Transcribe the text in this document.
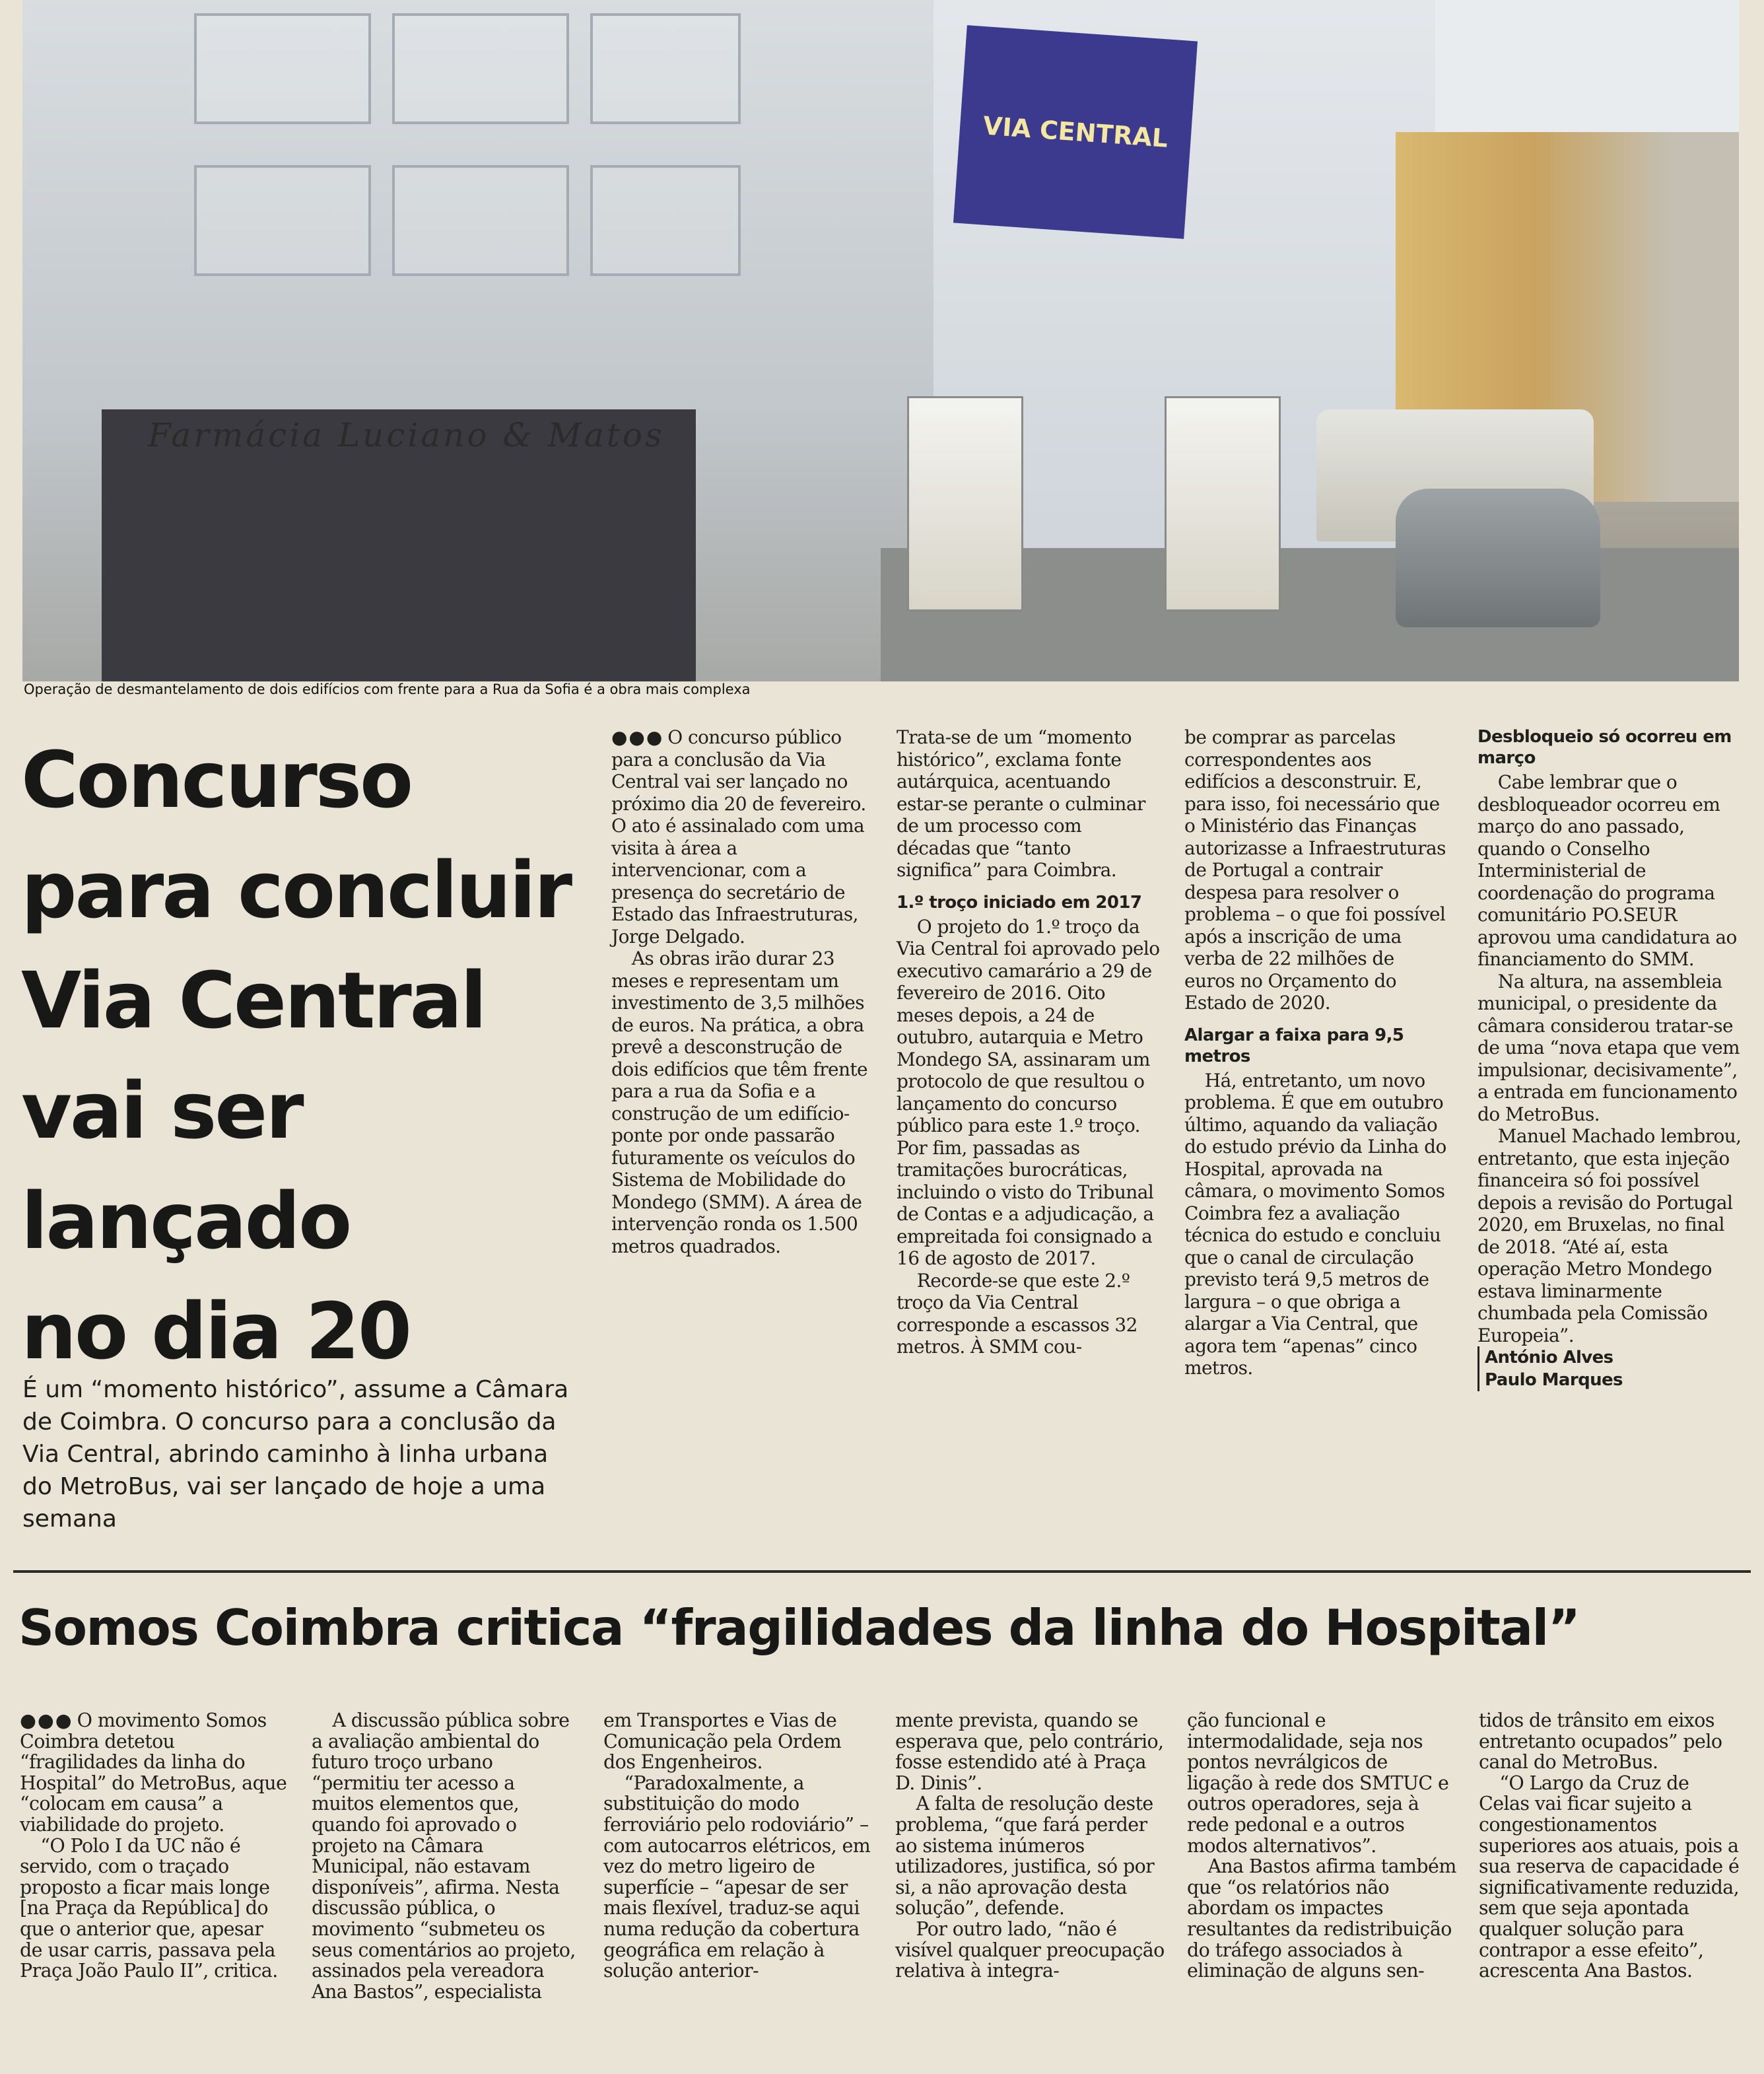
VIA CENTRAL
Farmácia Luciano & Matos
Operação de desmantelamento de dois edifícios com frente para a Rua da Sofia é a obra mais complexa
Concurso
para concluir
Via Central
vai ser lançado
no dia 20
É um “momento histórico”, assume a Câmara de Coimbra. O concurso para a conclusão da Via Central, abrindo caminho à linha urbana do MetroBus, vai ser lançado de hoje a uma semana

●●● O concurso público para a conclusão da Via Central vai ser lançado no próximo dia 20 de fevereiro. O ato é assinalado com uma visita à área a intervencionar, com a presença do secretário de Estado das Infraestruturas, Jorge Delgado.

As obras irão durar 23 meses e representam um investimento de 3,5 milhões de euros. Na prática, a obra prevê a desconstrução de dois edifícios que têm frente para a rua da Sofia e a construção de um edifício-ponte por onde passarão futuramente os veículos do Sistema de Mobilidade do Mondego (SMM). A área de intervenção ronda os 1.500 metros quadrados.

Trata-se de um “momento histórico”, exclama fonte autárquica, acentuando estar-se perante o culminar de um processo com décadas que “tanto significa” para Coimbra.

1.º troço iniciado em 2017

O projeto do 1.º troço da Via Central foi aprovado pelo executivo camarário a 29 de fevereiro de 2016. Oito meses depois, a 24 de outubro, autarquia e Metro Mondego SA, assinaram um protocolo de que resultou o lançamento do concurso público para este 1.º troço. Por fim, passadas as tramitações burocráticas, incluindo o visto do Tribunal de Contas e a adjudicação, a empreitada foi consignado a 16 de agosto de 2017.

Recorde-se que este 2.º troço da Via Central corresponde a escassos 32 metros. À SMM cou-

be comprar as parcelas correspondentes aos edifícios a desconstruir. E, para isso, foi necessário que o Ministério das Finanças autorizasse a Infraestruturas de Portugal a contrair despesa para resolver o problema – o que foi possível após a inscrição de uma verba de 22 milhões de euros no Orçamento do Estado de 2020.

Alargar a faixa para 9,5 metros

Há, entretanto, um novo problema. É que em outubro último, aquando da valiação do estudo prévio da Linha do Hospital, aprovada na câmara, o movimento Somos Coimbra fez a avaliação técnica do estudo e concluiu que o canal de circulação previsto terá 9,5 metros de largura – o que obriga a alargar a Via Central, que agora tem “apenas” cinco metros.

Desbloqueio só ocorreu em março

Cabe lembrar que o desbloqueador ocorreu em março do ano passado, quando o Conselho Interministerial de coordenação do programa comunitário PO.SEUR aprovou uma candidatura ao financiamento do SMM.

Na altura, na assembleia municipal, o presidente da câmara considerou tratar-se de uma “nova etapa que vem impulsionar, decisivamente”, a entrada em funcionamento do MetroBus.

Manuel Machado lembrou, entretanto, que esta injeção financeira só foi possível depois a revisão do Portugal 2020, em Bruxelas, no final de 2018. “Até aí, esta operação Metro Mondego estava liminarmente chumbada pela Comissão Europeia”.

António Alves

Paulo Marques

Somos Coimbra critica “fragilidades da linha do Hospital”

●●● O movimento Somos Coimbra detetou “fragilidades da linha do Hospital” do MetroBus, aque “colocam em causa” a viabilidade do projeto.

“O Polo I da UC não é servido, com o traçado proposto a ficar mais longe [na Praça da República] do que o anterior que, apesar de usar carris, passava pela Praça João Paulo II”, critica.

A discussão pública sobre a avaliação ambiental do futuro troço urbano “permitiu ter acesso a muitos elementos que, quando foi aprovado o projeto na Câmara Municipal, não estavam disponíveis”, afirma. Nesta discussão pública, o movimento “submeteu os seus comentários ao projeto, assinados pela vereadora Ana Bastos”, especialista

em Transportes e Vias de Comunicação pela Ordem dos Engenheiros.

“Paradoxalmente, a substituição do modo ferroviário pelo rodoviário” – com autocarros elétricos, em vez do metro ligeiro de superfície – “apesar de ser mais flexível, traduz-se aqui numa redução da cobertura geográfica em relação à solução anterior-

mente prevista, quando se esperava que, pelo contrário, fosse estendido até à Praça D. Dinis”.

A falta de resolução deste problema, “que fará perder ao sistema inúmeros utilizadores, justifica, só por si, a não aprovação desta solução”, defende.

Por outro lado, “não é visível qualquer preocupação relativa à integra-

ção funcional e intermodalidade, seja nos pontos nevrálgicos de ligação à rede dos SMTUC e outros operadores, seja à rede pedonal e a outros modos alternativos”.

Ana Bastos afirma também que “os relatórios não abordam os impactes resultantes da redistribuição do tráfego associados à eliminação de alguns sen-

tidos de trânsito em eixos entretanto ocupados” pelo canal do MetroBus.

“O Largo da Cruz de Celas vai ficar sujeito a congestionamentos superiores aos atuais, pois a sua reserva de capacidade é significativamente reduzida, sem que seja apontada qualquer solução para contrapor a esse efeito”, acrescenta Ana Bastos.
